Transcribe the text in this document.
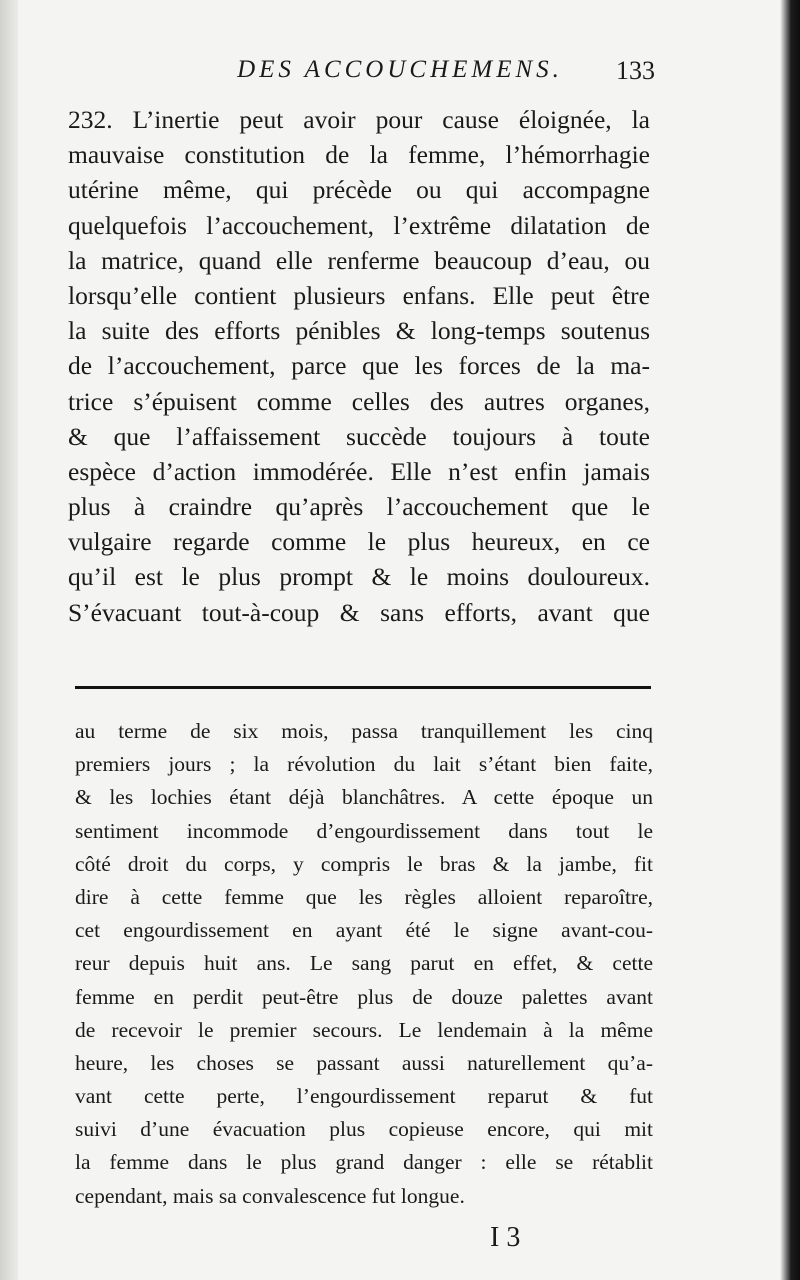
DES ACCOUCHEMENS.	133
232. L’inertie peut avoir pour cause éloignée, la
mauvaise constitution de la femme, l’hémorrhagie
utérine même, qui précède ou qui accompagne
quelquefois l’accouchement, l’extrême dilatation de
la matrice, quand elle renferme beaucoup d’eau, ou
lorsqu’elle contient plusieurs enfans. Elle peut être
la suite des efforts pénibles & long-temps soutenus
de l’accouchement, parce que les forces de la ma-
trice s’épuisent comme celles des autres organes,
& que l’affaissement succède toujours à toute
espèce d’action immodérée. Elle n’est enfin jamais
plus à craindre qu’après l’accouchement que le
vulgaire regarde comme le plus heureux, en ce
qu’il est le plus prompt & le moins douloureux.
S’évacuant tout-à-coup & sans efforts, avant que
au terme de six mois, passa tranquillement les cinq
premiers jours ; la révolution du lait s’étant bien faite,
& les lochies étant déjà blanchâtres. A cette époque un
sentiment incommode d’engourdissement dans tout le
côté droit du corps, y compris le bras & la jambe, fit
dire à cette femme que les règles alloient reparoître,
cet engourdissement en ayant été le signe avant-cou-
reur depuis huit ans. Le sang parut en effet, & cette
femme en perdit peut-être plus de douze palettes avant
de recevoir le premier secours. Le lendemain à la même
heure, les choses se passant aussi naturellement qu’a-
vant cette perte, l’engourdissement reparut & fut
suivi d’une évacuation plus copieuse encore, qui mit
la femme dans le plus grand danger : elle se rétablit
cependant, mais sa convalescence fut longue.
I 3
